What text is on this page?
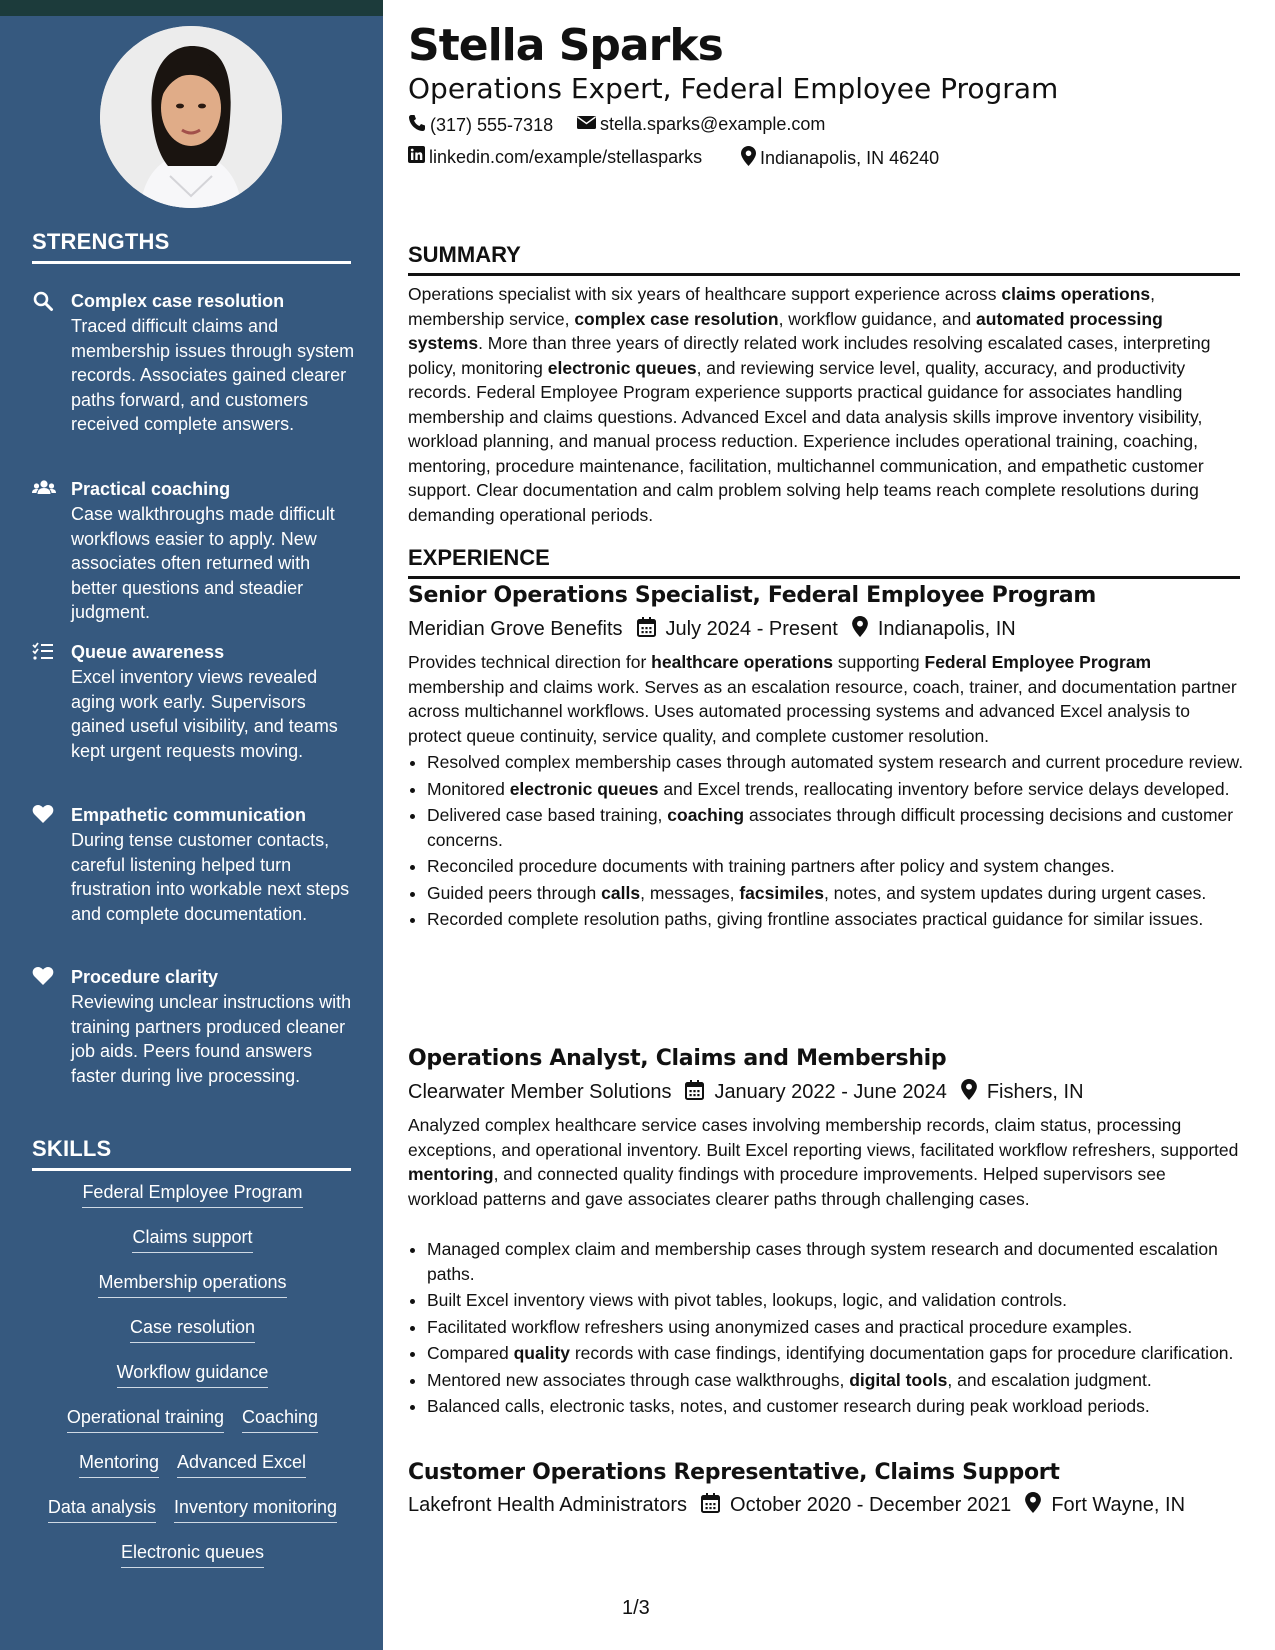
STRENGTHS
Complex case resolution
Traced difficult claims and membership issues through system records. Associates gained clearer paths forward, and customers received complete answers.
Practical coaching
Case walkthroughs made difficult workflows easier to apply. New associates often returned with better questions and steadier judgment.
Queue awareness
Excel inventory views revealed aging work early. Supervisors gained useful visibility, and teams kept urgent requests moving.
Empathetic communication
During tense customer contacts, careful listening helped turn frustration into workable next steps and complete documentation.
Procedure clarity
Reviewing unclear instructions with training partners produced cleaner job aids. Peers found answers faster during live processing.
SKILLS
Federal Employee Program
Claims support
Membership operations
Case resolution
Workflow guidance
Operational training Coaching
Mentoring Advanced Excel
Data analysis Inventory monitoring
Electronic queues
Stella Sparks
Operations Expert, Federal Employee Program
(317) 555-7318	stella.sparks@example.com
linkedin.com/example/stellasparks	Indianapolis, IN 46240
SUMMARY
Operations specialist with six years of healthcare support experience across claims operations, membership service, complex case resolution, workflow guidance, and automated processing systems. More than three years of directly related work includes resolving escalated cases, interpreting policy, monitoring electronic queues, and reviewing service level, quality, accuracy, and productivity records. Federal Employee Program experience supports practical guidance for associates handling membership and claims questions. Advanced Excel and data analysis skills improve inventory visibility, workload planning, and manual process reduction. Experience includes operational training, coaching, mentoring, procedure maintenance, facilitation, multichannel communication, and empathetic customer support. Clear documentation and calm problem solving help teams reach complete resolutions during demanding operational periods.
EXPERIENCE
Senior Operations Specialist, Federal Employee Program
Meridian Grove Benefits July 2024 - Present Indianapolis, IN
Provides technical direction for healthcare operations supporting Federal Employee Program membership and claims work. Serves as an escalation resource, coach, trainer, and documentation partner across multichannel workflows. Uses automated processing systems and advanced Excel analysis to protect queue continuity, service quality, and complete customer resolution.
• Resolved complex membership cases through automated system research and current procedure review.
• Monitored electronic queues and Excel trends, reallocating inventory before service delays developed.
• Delivered case based training, coaching associates through difficult processing decisions and customer concerns.
• Reconciled procedure documents with training partners after policy and system changes.
• Guided peers through calls, messages, facsimiles, notes, and system updates during urgent cases.
• Recorded complete resolution paths, giving frontline associates practical guidance for similar issues.
Operations Analyst, Claims and Membership
Clearwater Member Solutions January 2022 - June 2024 Fishers, IN
Analyzed complex healthcare service cases involving membership records, claim status, processing exceptions, and operational inventory. Built Excel reporting views, facilitated workflow refreshers, supported mentoring, and connected quality findings with procedure improvements. Helped supervisors see workload patterns and gave associates clearer paths through challenging cases.
• Managed complex claim and membership cases through system research and documented escalation paths.
• Built Excel inventory views with pivot tables, lookups, logic, and validation controls.
• Facilitated workflow refreshers using anonymized cases and practical procedure examples.
• Compared quality records with case findings, identifying documentation gaps for procedure clarification.
• Mentored new associates through case walkthroughs, digital tools, and escalation judgment.
• Balanced calls, electronic tasks, notes, and customer research during peak workload periods.
Customer Operations Representative, Claims Support
Lakefront Health Administrators October 2020 - December 2021 Fort Wayne, IN
1/3
